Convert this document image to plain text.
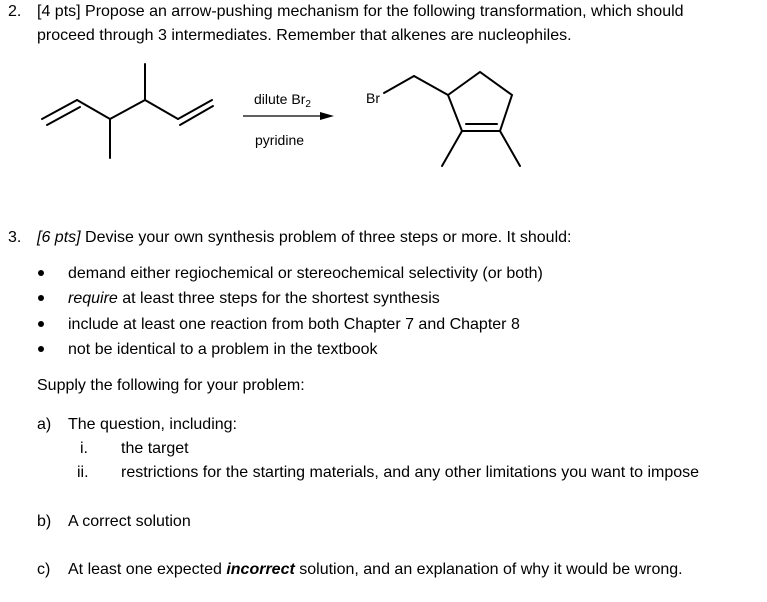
2. [4 pts] Propose an arrow-pushing mechanism for the following transformation, which should
proceed through 3 intermediates. Remember that alkenes are nucleophiles.
dilute $Br_2$
pyridine
Br
3. [6 pts] Devise your own synthesis problem of three steps or more. It should:
demand either regiochemical or stereochemical selectivity (or both)
require at least three steps for the shortest synthesis
include at least one reaction from both Chapter 7 and Chapter 8
not be identical to a problem in the textbook
Supply the following for your problem:
a) The question, including:
i. the target
ii. restrictions for the starting materials, and any other limitations you want to impose
b) A correct solution
c) At least one expected incorrect solution, and an explanation of why it would be wrong.
